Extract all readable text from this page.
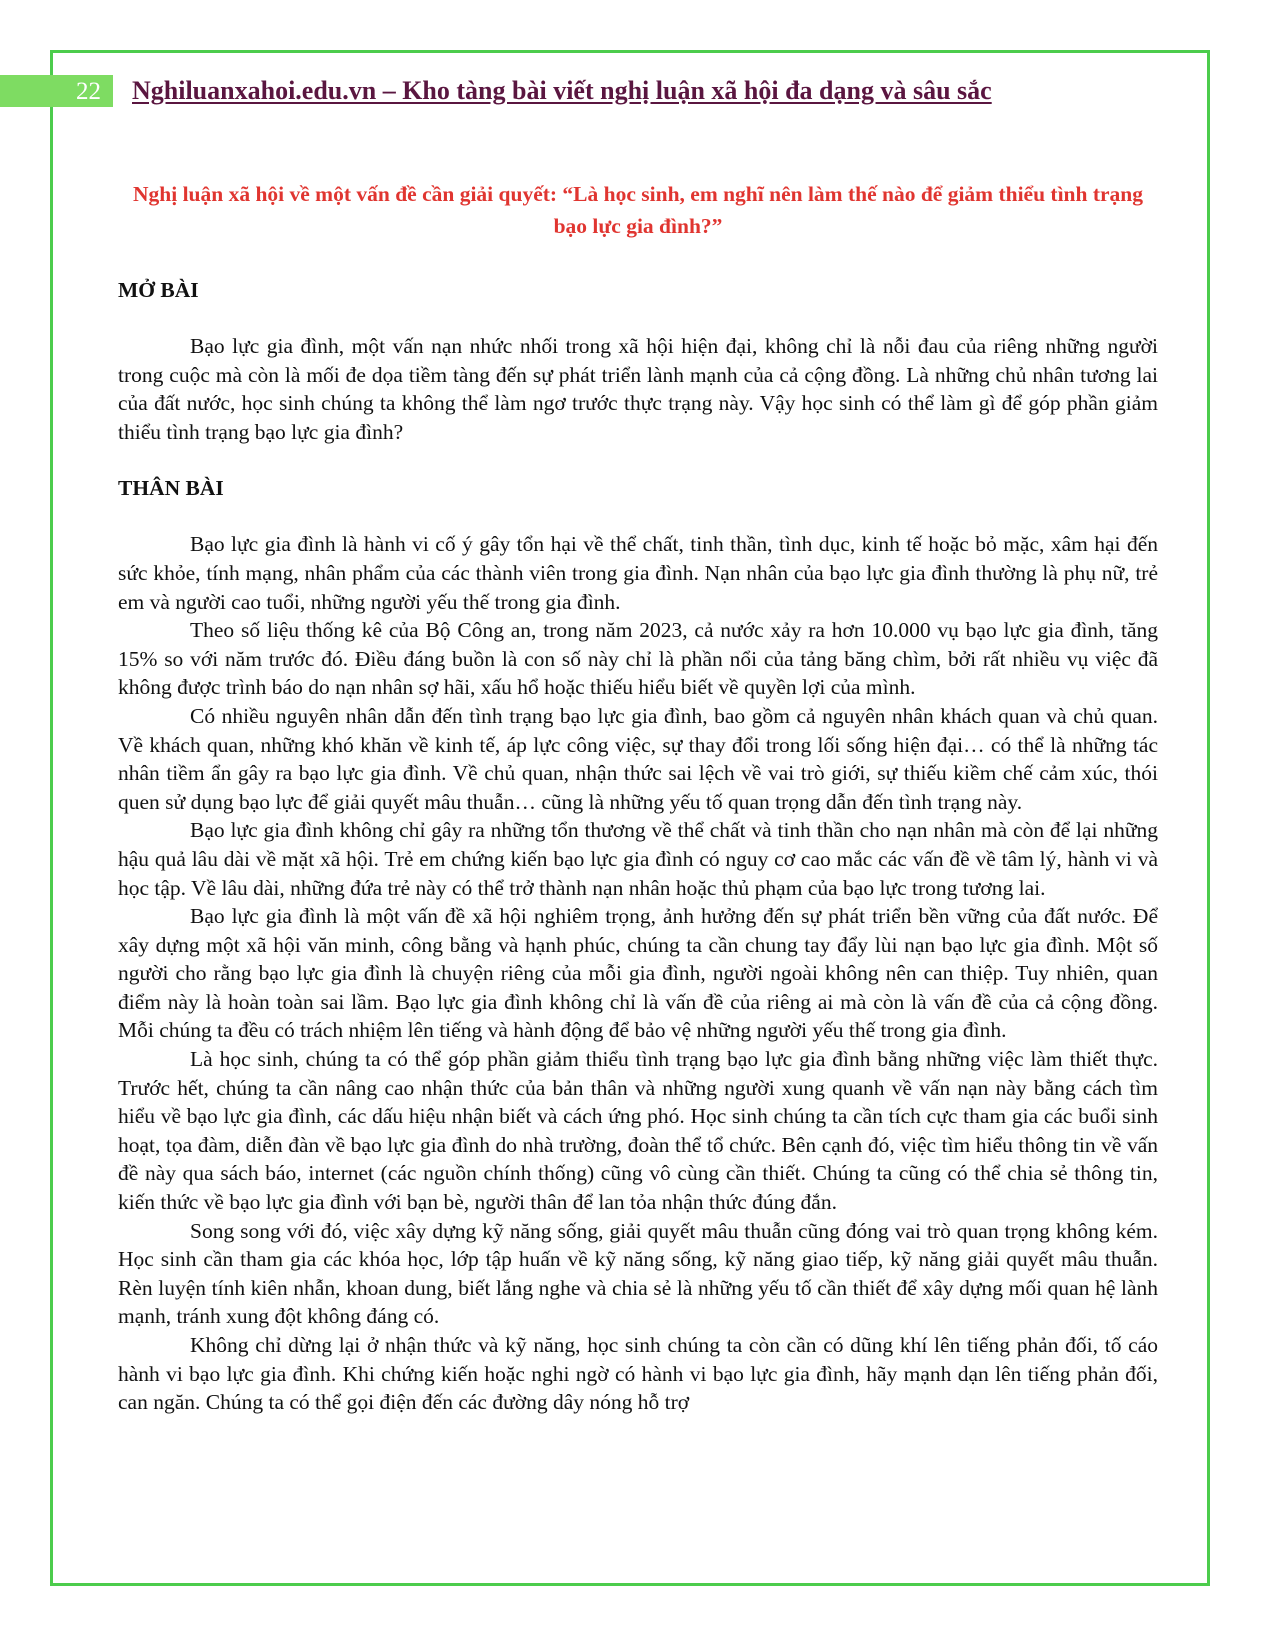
22 Nghiluanxahoi.edu.vn – Kho tàng bài viết nghị luận xã hội đa dạng và sâu sắc
Nghị luận xã hội về một vấn đề cần giải quyết: “Là học sinh, em nghĩ nên làm thế nào để giảm thiểu tình trạng bạo lực gia đình?”
MỞ BÀI

Bạo lực gia đình, một vấn nạn nhức nhối trong xã hội hiện đại, không chỉ là nỗi đau của riêng những người trong cuộc mà còn là mối đe dọa tiềm tàng đến sự phát triển lành mạnh của cả cộng đồng. Là những chủ nhân tương lai của đất nước, học sinh chúng ta không thể làm ngơ trước thực trạng này. Vậy học sinh có thể làm gì để góp phần giảm thiểu tình trạng bạo lực gia đình?

THÂN BÀI

Bạo lực gia đình là hành vi cố ý gây tổn hại về thể chất, tinh thần, tình dục, kinh tế hoặc bỏ mặc, xâm hại đến sức khỏe, tính mạng, nhân phẩm của các thành viên trong gia đình. Nạn nhân của bạo lực gia đình thường là phụ nữ, trẻ em và người cao tuổi, những người yếu thế trong gia đình.

Theo số liệu thống kê của Bộ Công an, trong năm 2023, cả nước xảy ra hơn 10.000 vụ bạo lực gia đình, tăng 15% so với năm trước đó. Điều đáng buồn là con số này chỉ là phần nổi của tảng băng chìm, bởi rất nhiều vụ việc đã không được trình báo do nạn nhân sợ hãi, xấu hổ hoặc thiếu hiểu biết về quyền lợi của mình.

Có nhiều nguyên nhân dẫn đến tình trạng bạo lực gia đình, bao gồm cả nguyên nhân khách quan và chủ quan. Về khách quan, những khó khăn về kinh tế, áp lực công việc, sự thay đổi trong lối sống hiện đại… có thể là những tác nhân tiềm ẩn gây ra bạo lực gia đình. Về chủ quan, nhận thức sai lệch về vai trò giới, sự thiếu kiềm chế cảm xúc, thói quen sử dụng bạo lực để giải quyết mâu thuẫn… cũng là những yếu tố quan trọng dẫn đến tình trạng này.

Bạo lực gia đình không chỉ gây ra những tổn thương về thể chất và tinh thần cho nạn nhân mà còn để lại những hậu quả lâu dài về mặt xã hội. Trẻ em chứng kiến bạo lực gia đình có nguy cơ cao mắc các vấn đề về tâm lý, hành vi và học tập. Về lâu dài, những đứa trẻ này có thể trở thành nạn nhân hoặc thủ phạm của bạo lực trong tương lai.

Bạo lực gia đình là một vấn đề xã hội nghiêm trọng, ảnh hưởng đến sự phát triển bền vững của đất nước. Để xây dựng một xã hội văn minh, công bằng và hạnh phúc, chúng ta cần chung tay đẩy lùi nạn bạo lực gia đình. Một số người cho rằng bạo lực gia đình là chuyện riêng của mỗi gia đình, người ngoài không nên can thiệp. Tuy nhiên, quan điểm này là hoàn toàn sai lầm. Bạo lực gia đình không chỉ là vấn đề của riêng ai mà còn là vấn đề của cả cộng đồng. Mỗi chúng ta đều có trách nhiệm lên tiếng và hành động để bảo vệ những người yếu thế trong gia đình.

Là học sinh, chúng ta có thể góp phần giảm thiểu tình trạng bạo lực gia đình bằng những việc làm thiết thực. Trước hết, chúng ta cần nâng cao nhận thức của bản thân và những người xung quanh về vấn nạn này bằng cách tìm hiểu về bạo lực gia đình, các dấu hiệu nhận biết và cách ứng phó. Học sinh chúng ta cần tích cực tham gia các buổi sinh hoạt, tọa đàm, diễn đàn về bạo lực gia đình do nhà trường, đoàn thể tổ chức. Bên cạnh đó, việc tìm hiểu thông tin về vấn đề này qua sách báo, internet (các nguồn chính thống) cũng vô cùng cần thiết. Chúng ta cũng có thể chia sẻ thông tin, kiến thức về bạo lực gia đình với bạn bè, người thân để lan tỏa nhận thức đúng đắn.

Song song với đó, việc xây dựng kỹ năng sống, giải quyết mâu thuẫn cũng đóng vai trò quan trọng không kém. Học sinh cần tham gia các khóa học, lớp tập huấn về kỹ năng sống, kỹ năng giao tiếp, kỹ năng giải quyết mâu thuẫn. Rèn luyện tính kiên nhẫn, khoan dung, biết lắng nghe và chia sẻ là những yếu tố cần thiết để xây dựng mối quan hệ lành mạnh, tránh xung đột không đáng có.

Không chỉ dừng lại ở nhận thức và kỹ năng, học sinh chúng ta còn cần có dũng khí lên tiếng phản đối, tố cáo hành vi bạo lực gia đình. Khi chứng kiến hoặc nghi ngờ có hành vi bạo lực gia đình, hãy mạnh dạn lên tiếng phản đối, can ngăn. Chúng ta có thể gọi điện đến các đường dây nóng hỗ trợ
